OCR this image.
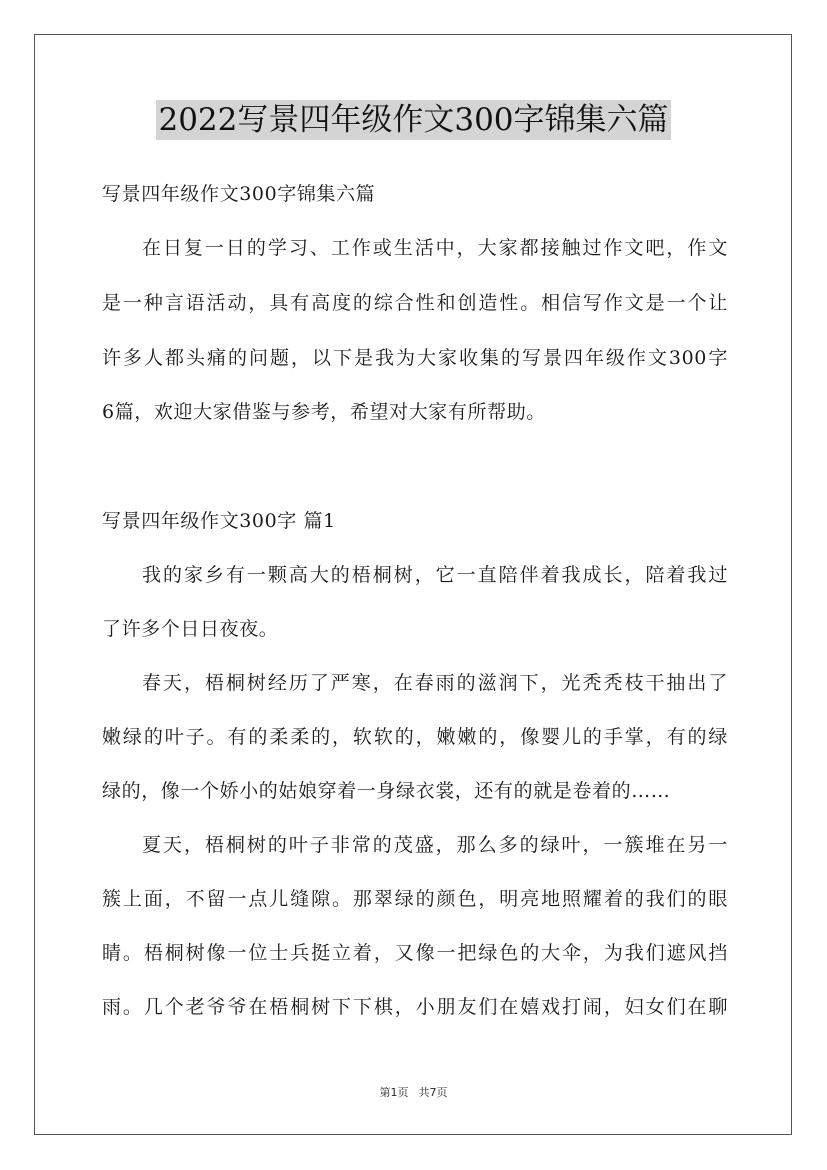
2022写景四年级作文300字锦集六篇
写景四年级作文300字锦集六篇
在日复一日的学习、工作或生活中，大家都接触过作文吧，作文
是一种言语活动，具有高度的综合性和创造性。相信写作文是一个让
许多人都头痛的问题，以下是我为大家收集的写景四年级作文300字
6篇，欢迎大家借鉴与参考，希望对大家有所帮助。
写景四年级作文300字 篇1
我的家乡有一颗高大的梧桐树，它一直陪伴着我成长，陪着我过
了许多个日日夜夜。
春天，梧桐树经历了严寒，在春雨的滋润下，光秃秃枝干抽出了
嫩绿的叶子。有的柔柔的，软软的，嫩嫩的，像婴儿的手掌，有的绿
绿的，像一个娇小的姑娘穿着一身绿衣裳，还有的就是卷着的……
夏天，梧桐树的叶子非常的茂盛，那么多的绿叶，一簇堆在另一
簇上面，不留一点儿缝隙。那翠绿的颜色，明亮地照耀着的我们的眼
睛。梧桐树像一位士兵挺立着，又像一把绿色的大伞，为我们遮风挡
雨。几个老爷爷在梧桐树下下棋，小朋友们在嬉戏打闹，妇女们在聊
第1页 共7页
